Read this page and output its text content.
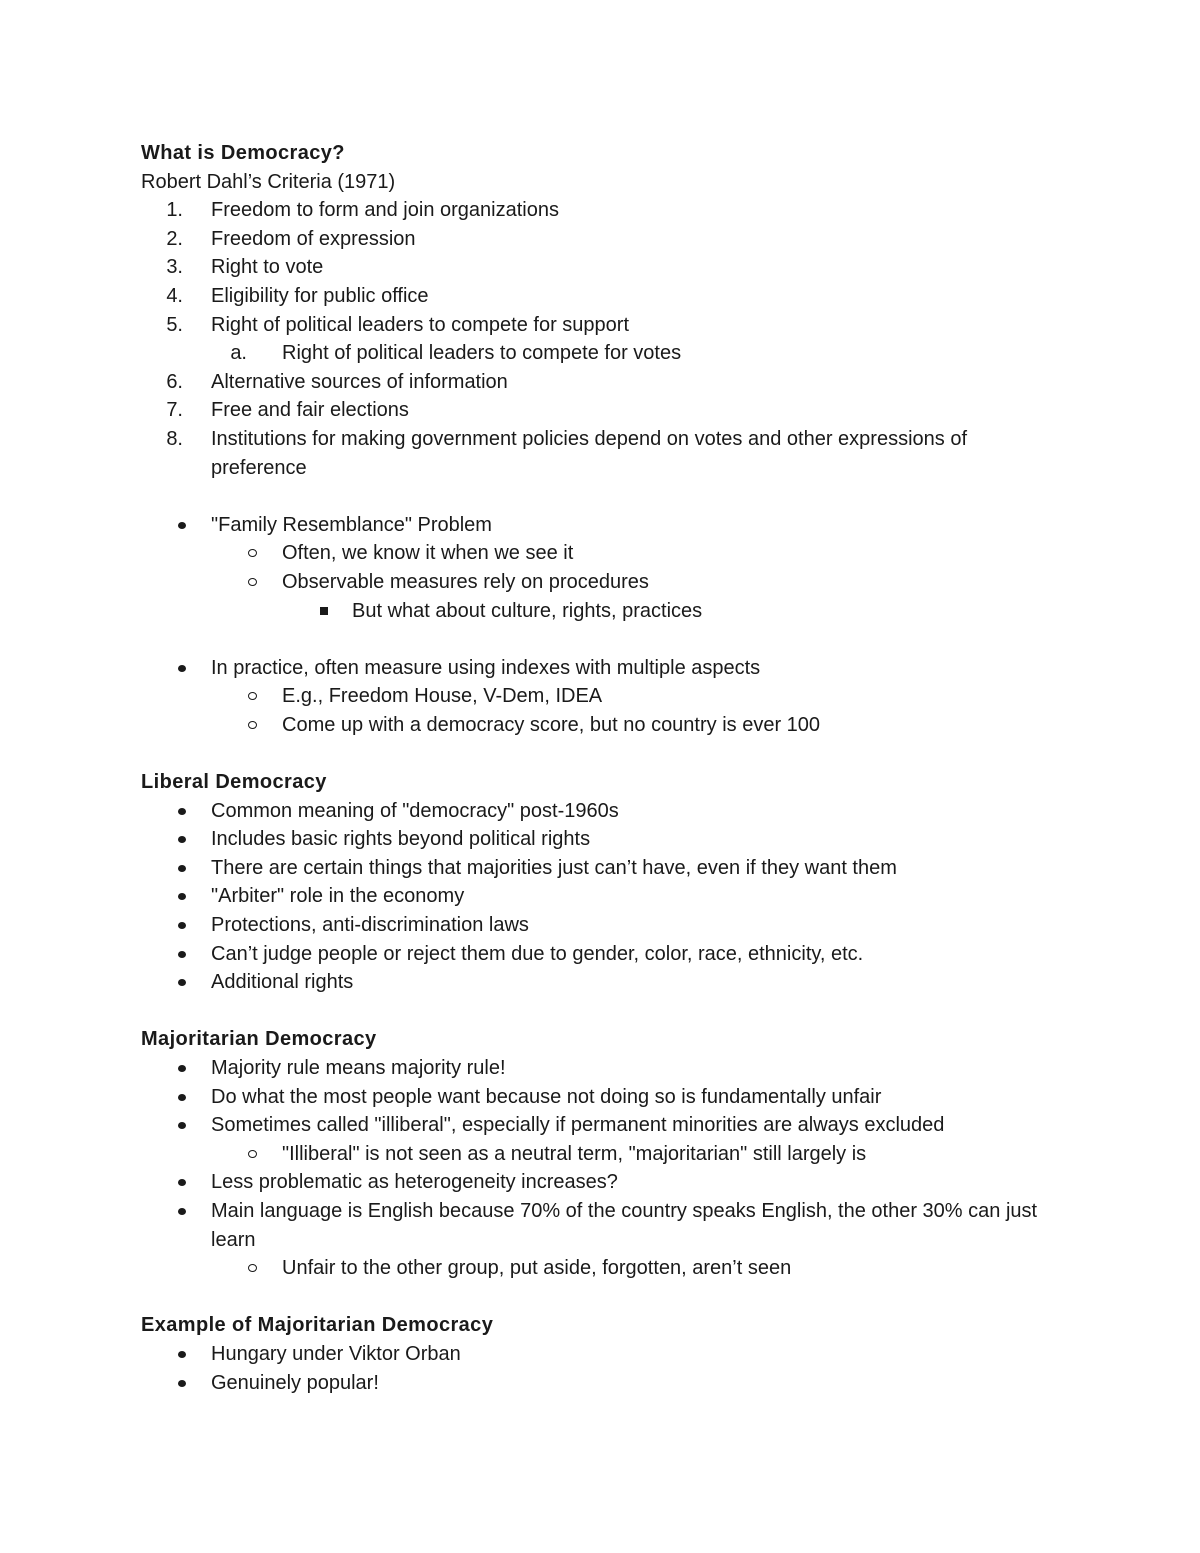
What is Democracy?
Robert Dahl’s Criteria (1971)
1. Freedom to form and join organizations
2. Freedom of expression
3. Right to vote
4. Eligibility for public office
5. Right of political leaders to compete for support
a. Right of political leaders to compete for votes
6. Alternative sources of information
7. Free and fair elections
8. Institutions for making government policies depend on votes and other expressions of preference
"Family Resemblance" Problem
Often, we know it when we see it
Observable measures rely on procedures
But what about culture, rights, practices
In practice, often measure using indexes with multiple aspects
E.g., Freedom House, V-Dem, IDEA
Come up with a democracy score, but no country is ever 100
Liberal Democracy
Common meaning of "democracy" post-1960s
Includes basic rights beyond political rights
There are certain things that majorities just can’t have, even if they want them
"Arbiter" role in the economy
Protections, anti-discrimination laws
Can’t judge people or reject them due to gender, color, race, ethnicity, etc.
Additional rights
Majoritarian Democracy
Majority rule means majority rule!
Do what the most people want because not doing so is fundamentally unfair
Sometimes called "illiberal", especially if permanent minorities are always excluded
"Illiberal" is not seen as a neutral term, "majoritarian" still largely is
Less problematic as heterogeneity increases?
Main language is English because 70% of the country speaks English, the other 30% can just learn
Unfair to the other group, put aside, forgotten, aren’t seen
Example of Majoritarian Democracy
Hungary under Viktor Orban
Genuinely popular!
